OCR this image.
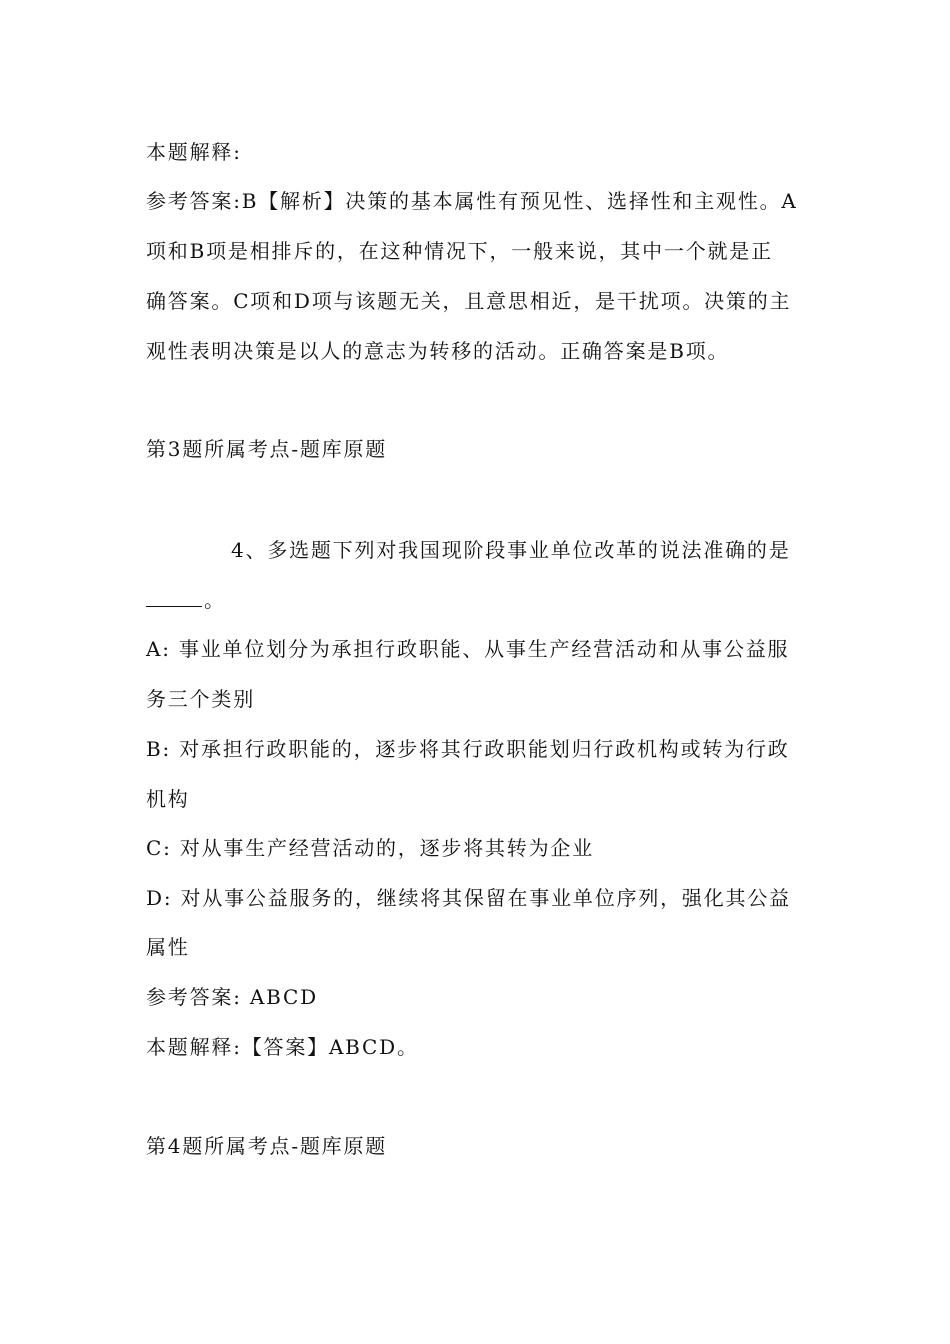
本题解释:
参考答案:B【解析】决策的基本属性有预见性、选择性和主观性。A
项和B项是相排斥的，在这种情况下，一般来说，其中一个就是正
确答案。C项和D项与该题无关，且意思相近，是干扰项。决策的主
观性表明决策是以人的意志为转移的活动。正确答案是B项。
第3题所属考点-题库原题
4、多选题下列对我国现阶段事业单位改革的说法准确的是
。
A: 事业单位划分为承担行政职能、从事生产经营活动和从事公益服
务三个类别
B: 对承担行政职能的，逐步将其行政职能划归行政机构或转为行政
机构
C: 对从事生产经营活动的，逐步将其转为企业
D: 对从事公益服务的，继续将其保留在事业单位序列，强化其公益
属性
参考答案: ABCD
本题解释:【答案】ABCD。
第4题所属考点-题库原题
